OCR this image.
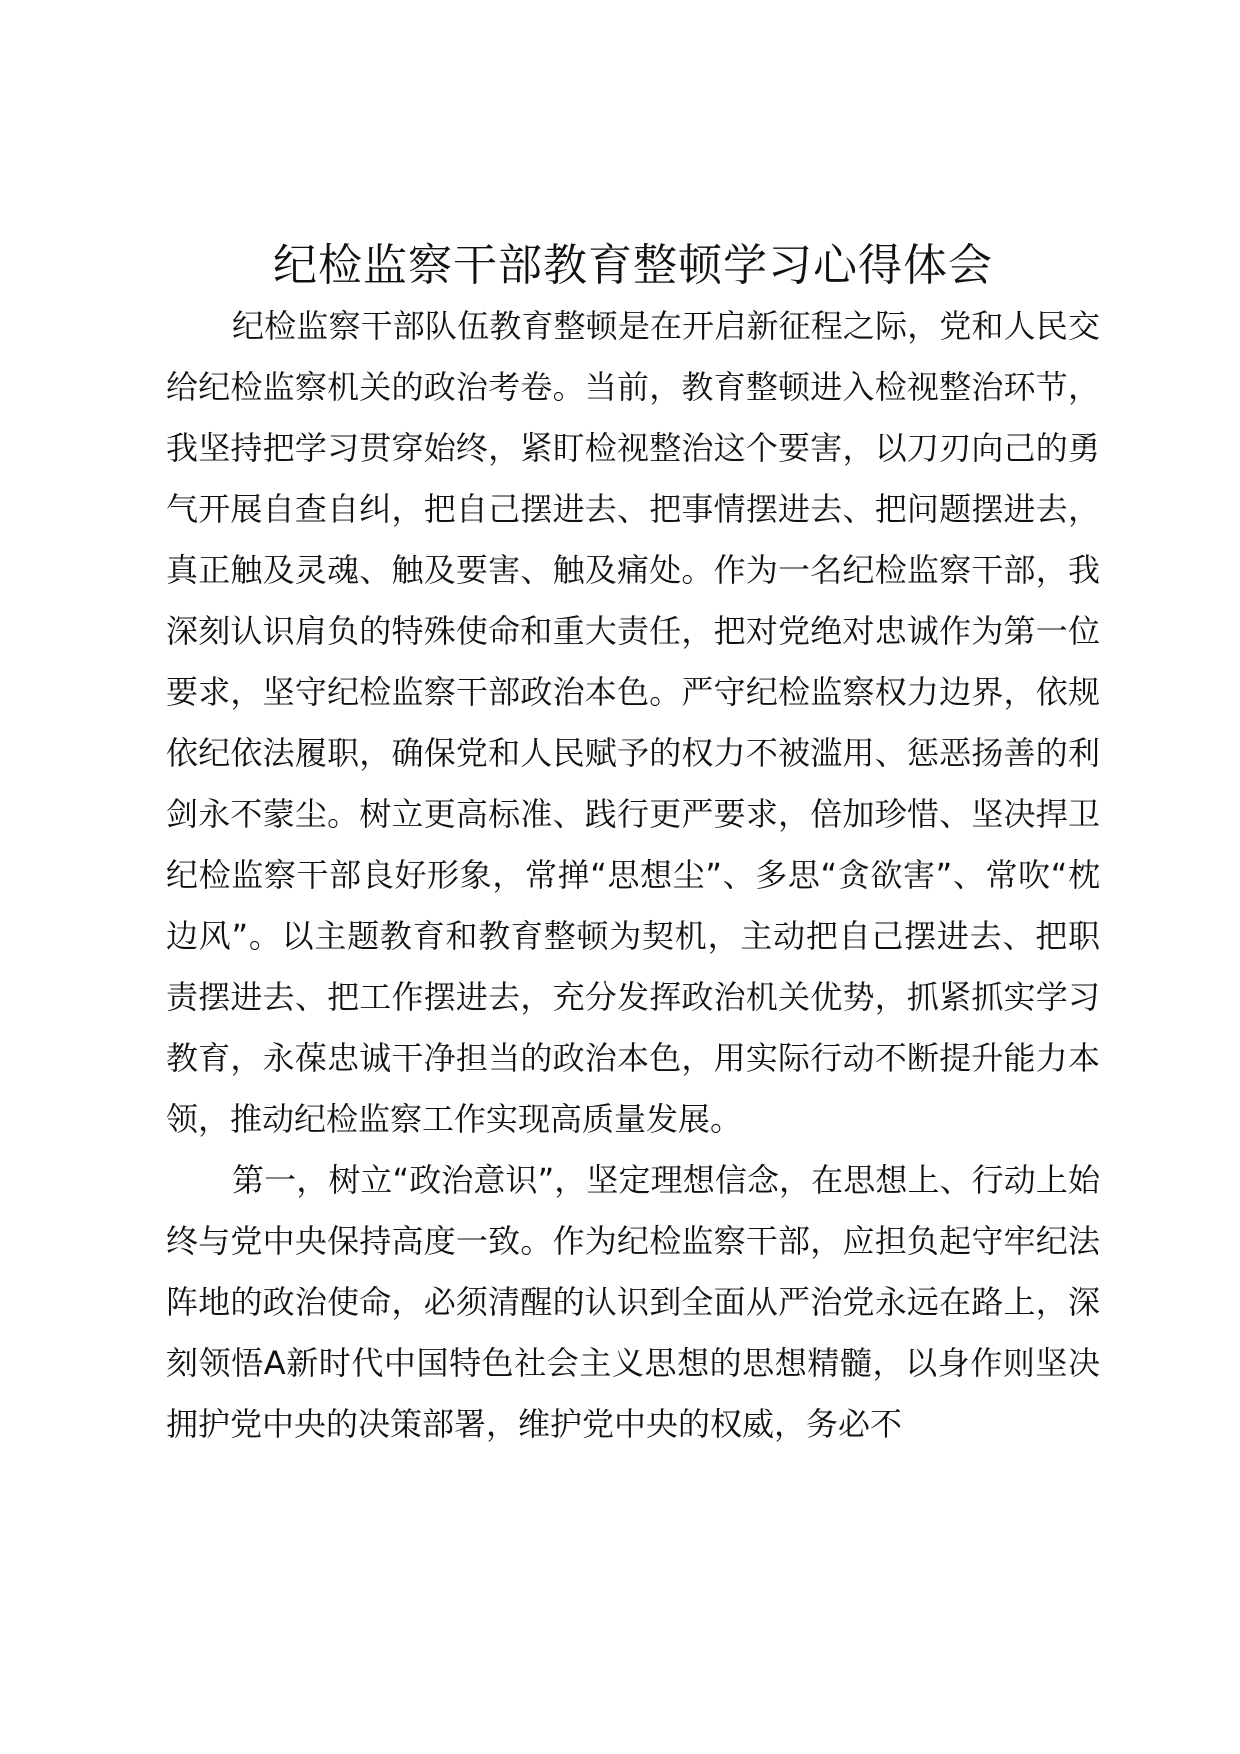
纪检监察干部教育整顿学习心得体会

纪检监察干部队伍教育整顿是在开启新征程之际，党和人民交给纪检监察机关的政治考卷。当前，教育整顿进入检视整治环节，我坚持把学习贯穿始终，紧盯检视整治这个要害，以刀刃向己的勇气开展自查自纠，把自己摆进去、把事情摆进去、把问题摆进去，真正触及灵魂、触及要害、触及痛处。作为一名纪检监察干部，我深刻认识肩负的特殊使命和重大责任，把对党绝对忠诚作为第一位要求，坚守纪检监察干部政治本色。严守纪检监察权力边界，依规依纪依法履职，确保党和人民赋予的权力不被滥用、惩恶扬善的利剑永不蒙尘。树立更高标准、践行更严要求，倍加珍惜、坚决捍卫纪检监察干部良好形象，常掸“思想尘”、多思“贪欲害”、常吹“枕边风”。以主题教育和教育整顿为契机，主动把自己摆进去、把职责摆进去、把工作摆进去，充分发挥政治机关优势，抓紧抓实学习教育，永葆忠诚干净担当的政治本色，用实际行动不断提升能力本领，推动纪检监察工作实现高质量发展。

第一，树立“政治意识”，坚定理想信念，在思想上、行动上始终与党中央保持高度一致。作为纪检监察干部，应担负起守牢纪法阵地的政治使命，必须清醒的认识到全面从严治党永远在路上，深刻领悟A新时代中国特色社会主义思想的思想精髓，以身作则坚决拥护党中央的决策部署，维护党中央的权威，务必不
